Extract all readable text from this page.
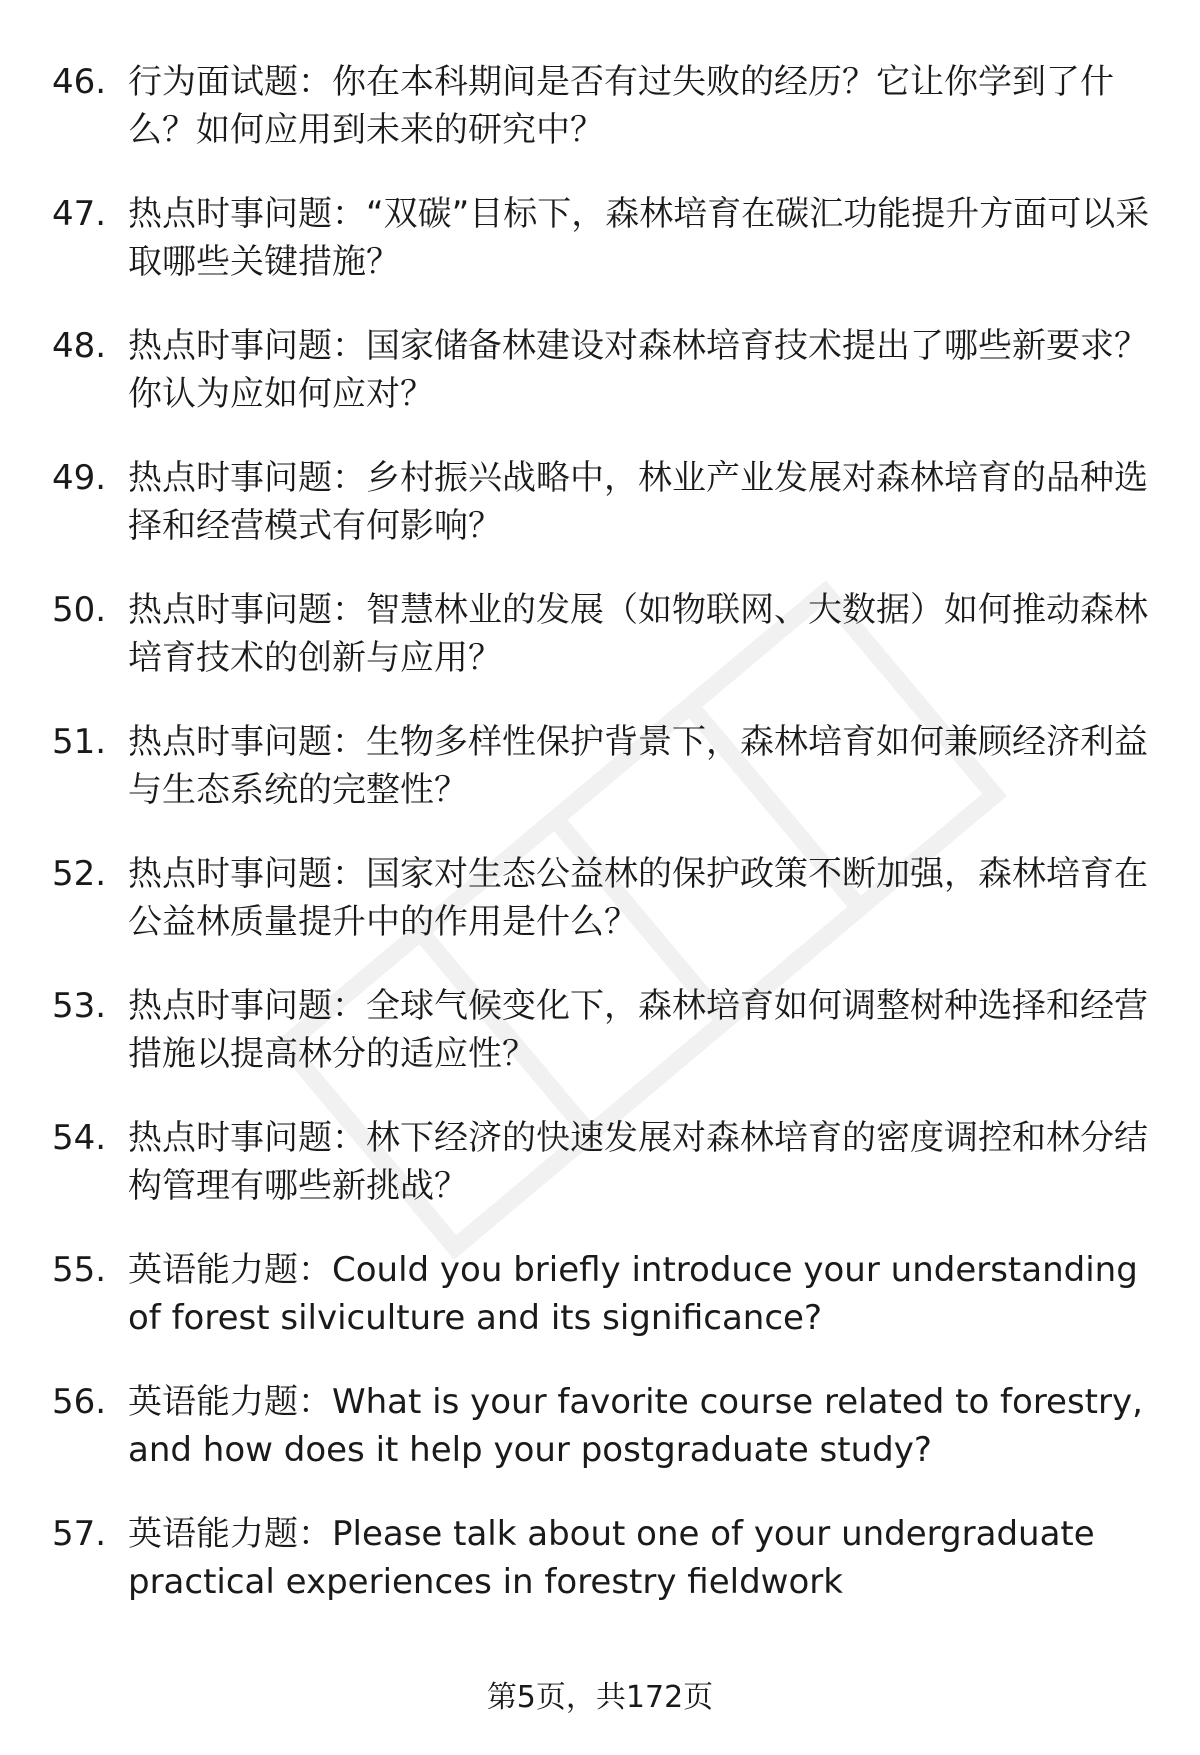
46. 行为面试题：你在本科期间是否有过失败的经历？它让你学到了什么？如何应用到未来的研究中？
47. 热点时事问题：“双碳”目标下，森林培育在碳汇功能提升方面可以采取哪些关键措施？
48. 热点时事问题：国家储备林建设对森林培育技术提出了哪些新要求？你认为应如何应对？
49. 热点时事问题：乡村振兴战略中，林业产业发展对森林培育的品种选择和经营模式有何影响？
50. 热点时事问题：智慧林业的发展（如物联网、大数据）如何推动森林培育技术的创新与应用？
51. 热点时事问题：生物多样性保护背景下，森林培育如何兼顾经济利益与生态系统的完整性？
52. 热点时事问题：国家对生态公益林的保护政策不断加强，森林培育在公益林质量提升中的作用是什么？
53. 热点时事问题：全球气候变化下，森林培育如何调整树种选择和经营措施以提高林分的适应性？
54. 热点时事问题：林下经济的快速发展对森林培育的密度调控和林分结构管理有哪些新挑战？
55. 英语能力题：Could you briefly introduce your understanding of forest silviculture and its significance?
56. 英语能力题：What is your favorite course related to forestry, and how does it help your postgraduate study?
57. 英语能力题：Please talk about one of your undergraduate practical experiences in forestry fieldwork
第5页，共172页
